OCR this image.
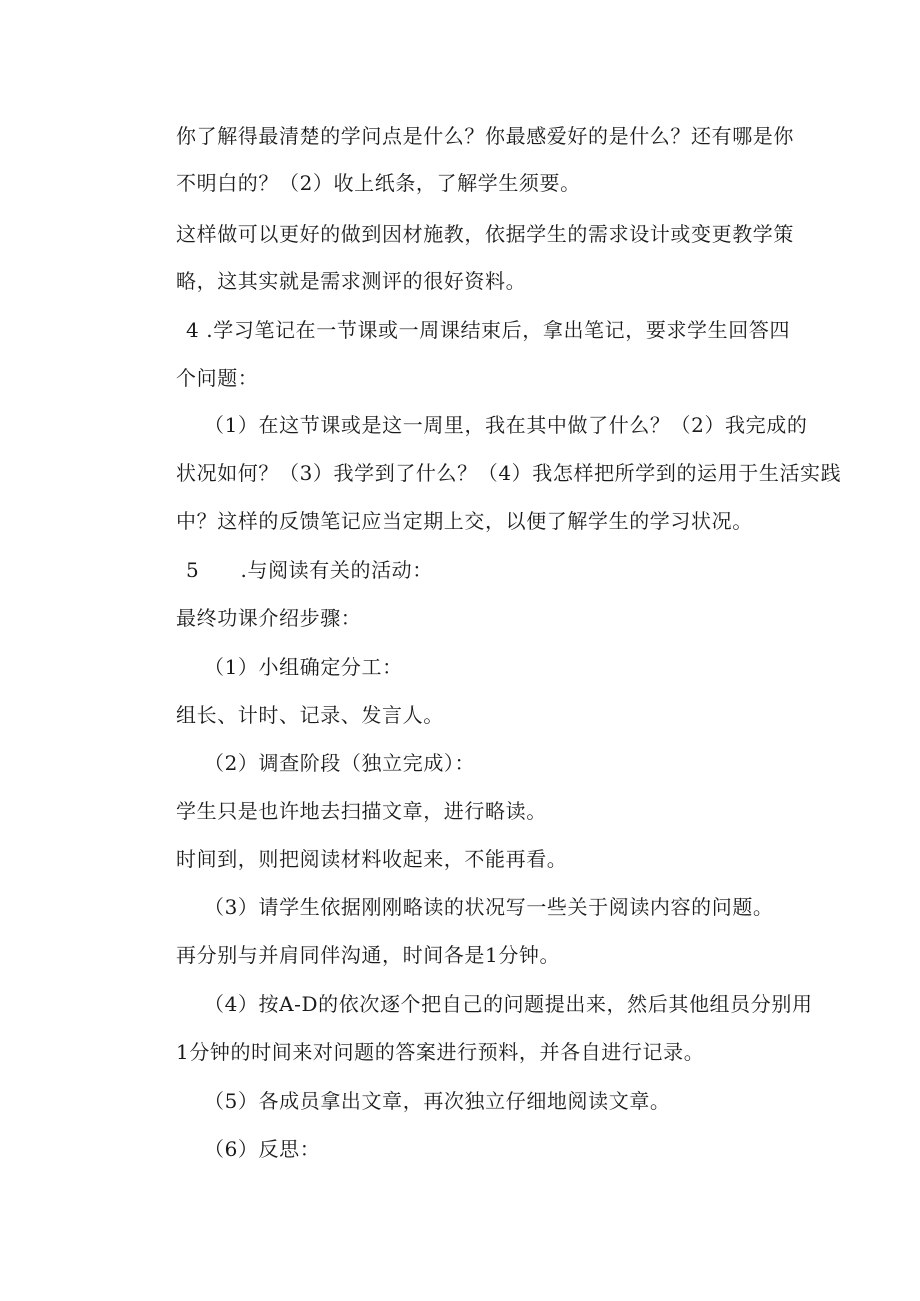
你了解得最清楚的学问点是什么？你最感爱好的是什么？还有哪是你
不明白的？（2）收上纸条，了解学生须要。
这样做可以更好的做到因材施教，依据学生的需求设计或变更教学策
略，这其实就是需求测评的很好资料。
4 .学习笔记在一节课或一周课结束后，拿出笔记，要求学生回答四
个问题：
（1）在这节课或是这一周里，我在其中做了什么？（2）我完成的
状况如何？（3）我学到了什么？（4）我怎样把所学到的运用于生活实践
中？这样的反馈笔记应当定期上交，以便了解学生的学习状况。
5　　.与阅读有关的活动：
最终功课介绍步骤：
（1）小组确定分工：
组长、计时、记录、发言人。
（2）调查阶段（独立完成）：
学生只是也许地去扫描文章，进行略读。
时间到，则把阅读材料收起来，不能再看。
（3）请学生依据刚刚略读的状况写一些关于阅读内容的问题。
再分别与并肩同伴沟通，时间各是1分钟。
（4）按A-D的依次逐个把自己的问题提出来，然后其他组员分别用
1分钟的时间来对问题的答案进行预料，并各自进行记录。
（5）各成员拿出文章，再次独立仔细地阅读文章。
（6）反思：
